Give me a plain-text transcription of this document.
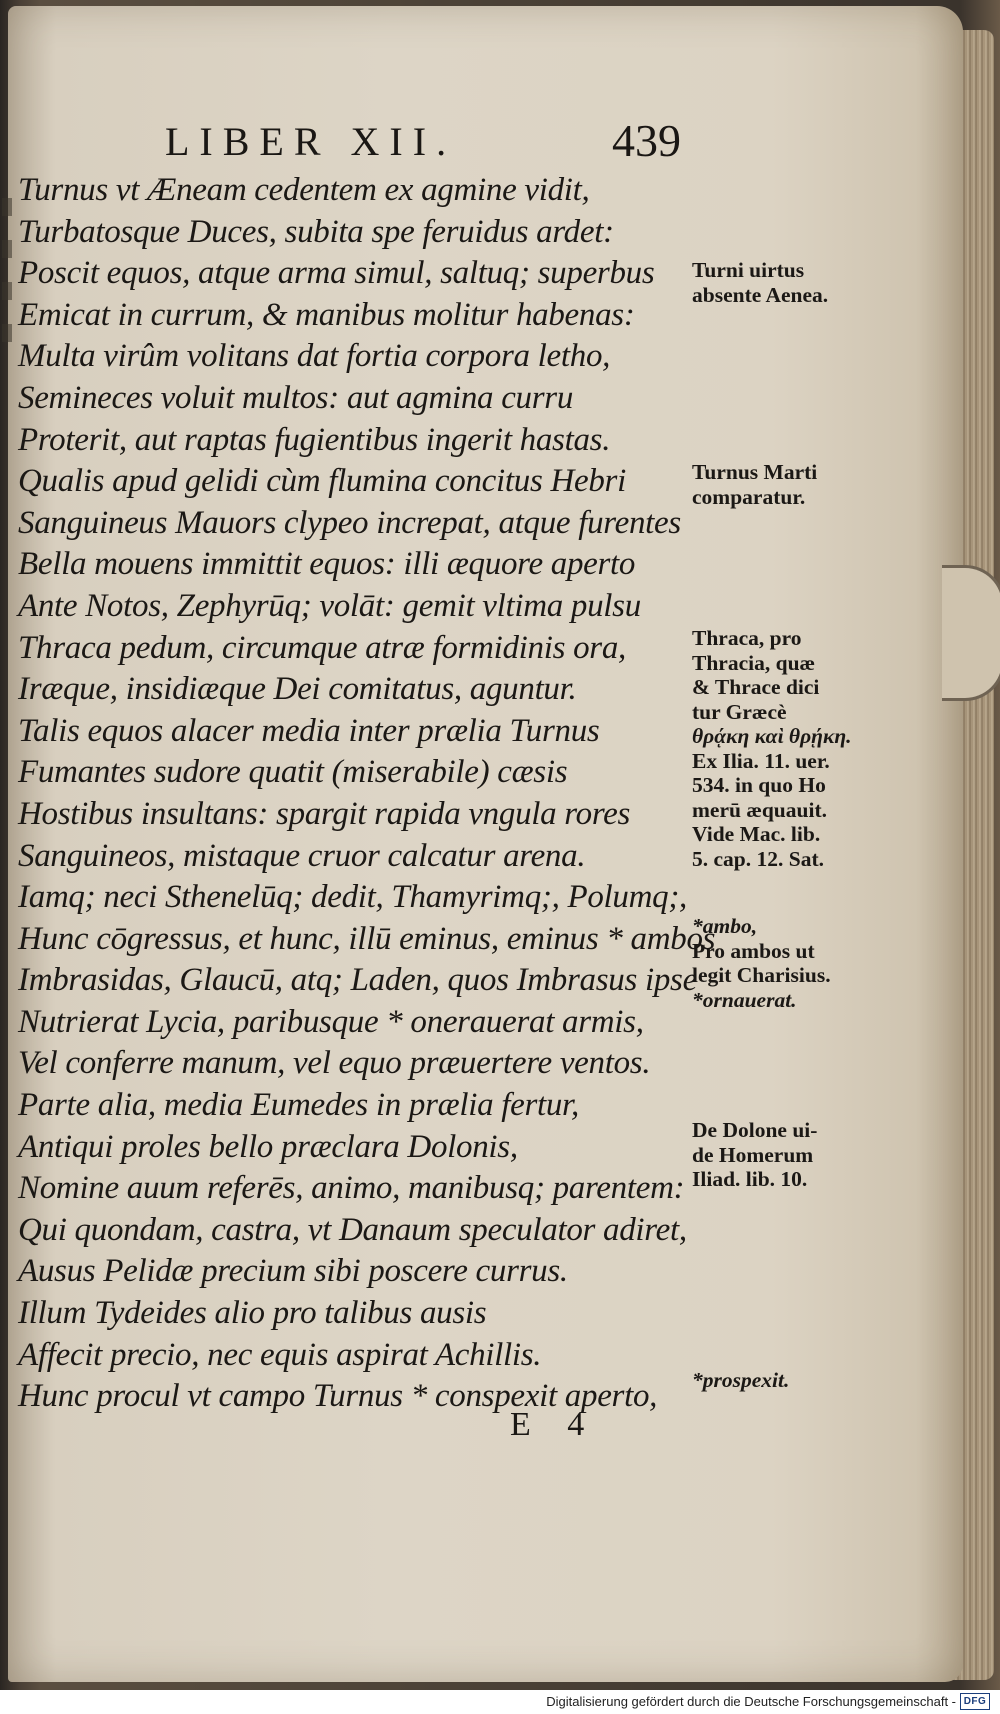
LIBER XII.	439
Turnus vt Æneam cedentem ex agmine vidit,
Turbatosque Duces, subita spe feruidus ardet:
Poscit equos, atque arma simul, saltuq; superbus
Emicat in currum, & manibus molitur habenas:
Multa virûm volitans dat fortia corpora letho,
Semineces voluit multos: aut agmina curru
Proterit, aut raptas fugientibus ingerit hastas.
Qualis apud gelidi cùm flumina concitus Hebri
Sanguineus Mauors clypeo increpat, atque furentes
Bella mouens immittit equos: illi æquore aperto
Ante Notos, Zephyrūq; volāt: gemit vltima pulsu
Thraca pedum, circumque atræ formidinis ora,
Iræque, insidiæque Dei comitatus, aguntur.
Talis equos alacer media inter prælia Turnus
Fumantes sudore quatit (miserabile) cæsis
Hostibus insultans: spargit rapida vngula rores
Sanguineos, mistaque cruor calcatur arena.
Iamq; neci Sthenelūq; dedit, Thamyrimq;, Polumq;,
Hunc cōgressus, et hunc, illū eminus, eminus * ambos
Imbrasidas, Glaucū, atq; Laden, quos Imbrasus ipse
Nutrierat Lycia, paribusque * onerauerat armis,
Vel conferre manum, vel equo præuertere ventos.
Parte alia, media Eumedes in prælia fertur,
Antiqui proles bello præclara Dolonis,
Nomine auum referēs, animo, manibusq; parentem:
Qui quondam, castra, vt Danaum speculator adiret,
Ausus Pelidæ precium sibi poscere currus.
Illum Tydeides alio pro talibus ausis
Affecit precio, nec equis aspirat Achillis.
Hunc procul vt campo Turnus * conspexit aperto,
Turni uirtus
absente Aenea.
Turnus Marti
comparatur.
Thraca, pro
Thracia, quæ
& Thrace dici
tur Græcè
θρᾴκη καὶ θρῄκη.
Ex Ilia. 11. uer.
534. in quo Ho
merū æquauit.
Vide Mac. lib.
5. cap. 12. Sat.
*ambo,
Pro ambos ut
legit Charisius.
*ornauerat.
De Dolone ui-
de Homerum
Iliad. lib. 10.
*prospexit.
E 4
Digitalisierung gefördert durch die Deutsche Forschungsgemeinschaft - DFG
